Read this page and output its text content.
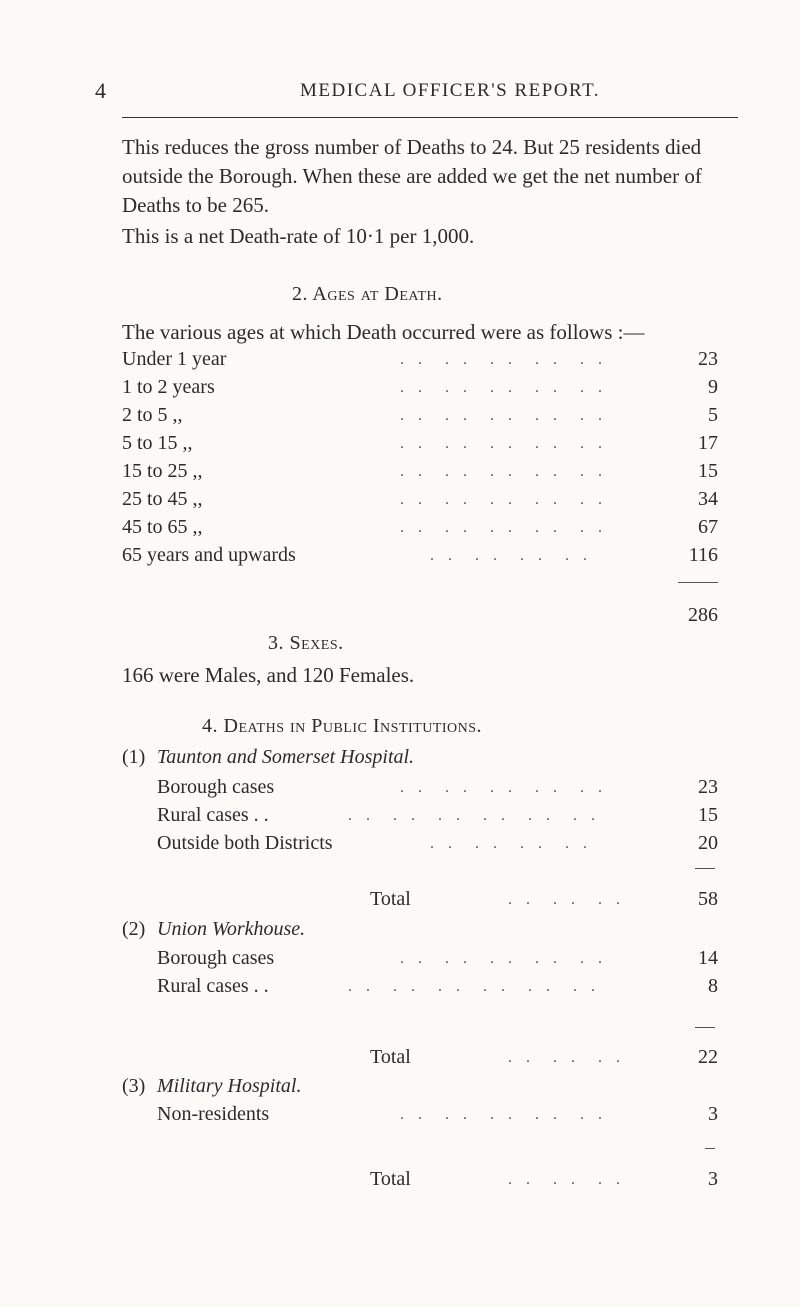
4	MEDICAL OFFICER'S REPORT.
This reduces the gross number of Deaths to 24. But 25 residents died outside the Borough. When these are added we get the net number of Deaths to be 265.
This is a net Death-rate of 10·1 per 1,000.
2. Ages at Death.
The various ages at which Death occurred were as follows :—
Under 1 year	. .  . .  . .  . .  . .	23
1 to 2 years	. .  . .  . .  . .  . .	9
2 to 5 ,,	. .  . .  . .  . .  . .	5
5 to 15 ,,	. .  . .  . .  . .  . .	17
15 to 25 ,,	. .  . .  . .  . .  . .	15
25 to 45 ,,	. .  . .  . .  . .  . .	34
45 to 65 ,,	. .  . .  . .  . .  . .	67
65 years and upwards	. .  . .  . .  . .	116
286
3. Sexes.
166 were Males, and 120 Females.
4. Deaths in Public Institutions.
(1) Taunton and Somerset Hospital.
Borough cases	. .  . .  . .  . .  . .	23
Rural cases . .	. .  . .  . .  . .  . .  . .	15
Outside both Districts	. .  . .  . .  . .	20
Total	. .  . .  . .	58
(2) Union Workhouse.
Borough cases	. .  . .  . .  . .  . .	14
Rural cases . .	. .  . .  . .  . .  . .  . .	8
Total	. .  . .  . .	22
(3) Military Hospital.
Non-residents	. .  . .  . .  . .  . .	3
Total	. .  . .  . .	3
